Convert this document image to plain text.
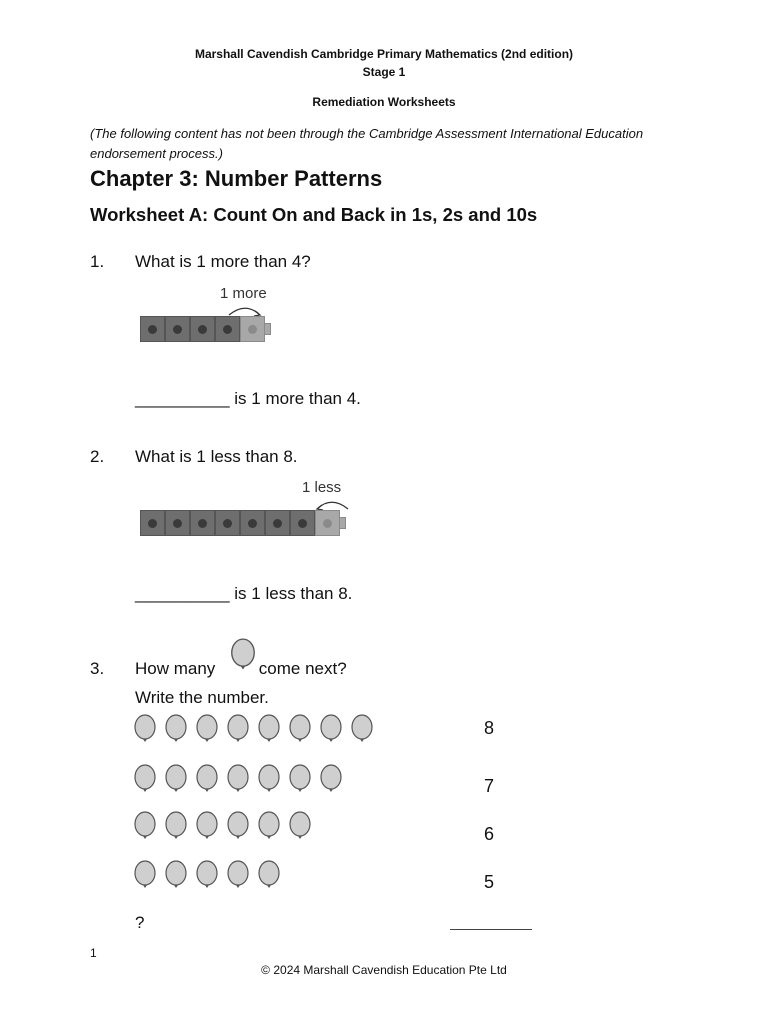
Marshall Cavendish Cambridge Primary Mathematics (2nd edition)
Stage 1
Remediation Worksheets
(The following content has not been through the Cambridge Assessment International Education endorsement process.)
Chapter 3: Number Patterns
Worksheet A: Count On and Back in 1s, 2s and 10s
1. What is 1 more than 4?
1 more
__________ is 1 more than 4.
2. What is 1 less than 8.
1 less
__________ is 1 less than 8.
3. How many	come next?
Write the number.
8
7
6
5
?
1
© 2024 Marshall Cavendish Education Pte Ltd
